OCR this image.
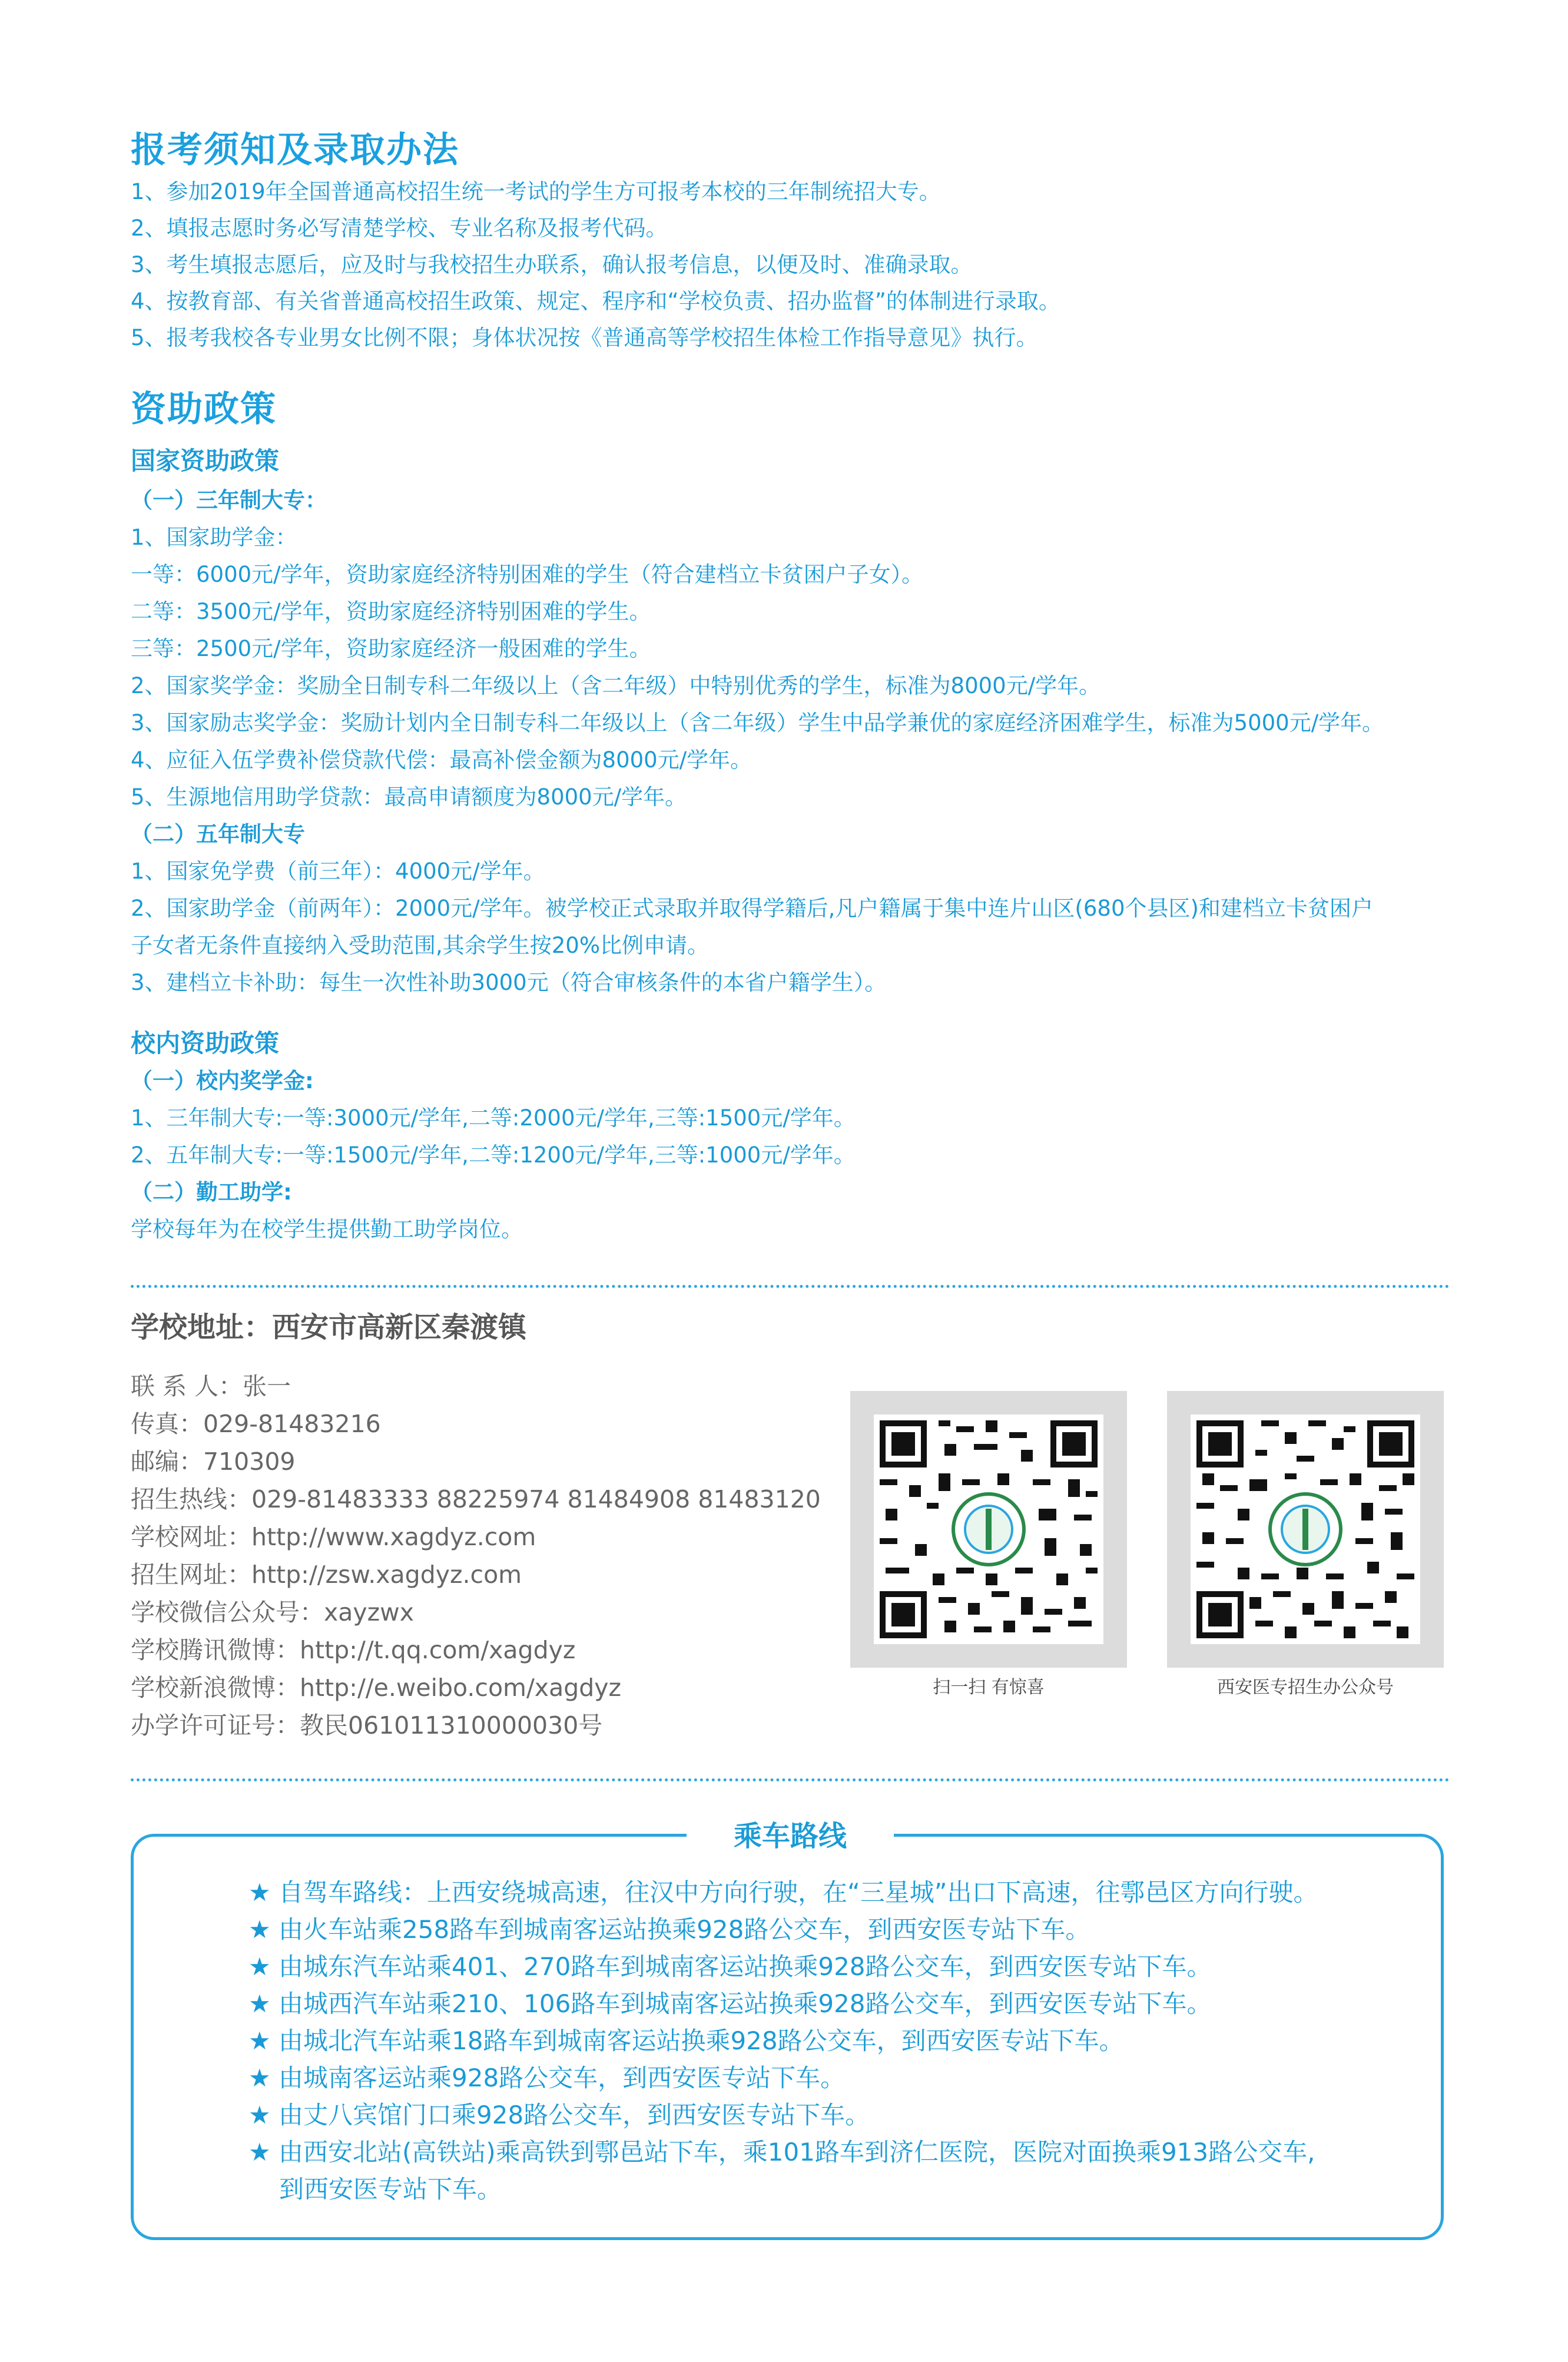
报考须知及录取办法
1、参加2019年全国普通高校招生统一考试的学生方可报考本校的三年制统招大专。
2、填报志愿时务必写清楚学校、专业名称及报考代码。
3、考生填报志愿后，应及时与我校招生办联系，确认报考信息，以便及时、准确录取。
4、按教育部、有关省普通高校招生政策、规定、程序和“学校负责、招办监督”的体制进行录取。
5、报考我校各专业男女比例不限；身体状况按《普通高等学校招生体检工作指导意见》执行。
资助政策
国家资助政策
（一）三年制大专：
1、国家助学金：
一等：6000元/学年，资助家庭经济特别困难的学生（符合建档立卡贫困户子女）。
二等：3500元/学年，资助家庭经济特别困难的学生。
三等：2500元/学年，资助家庭经济一般困难的学生。
2、国家奖学金：奖励全日制专科二年级以上（含二年级）中特别优秀的学生，标准为8000元/学年。
3、国家励志奖学金：奖励计划内全日制专科二年级以上（含二年级）学生中品学兼优的家庭经济困难学生，标准为5000元/学年。
4、应征入伍学费补偿贷款代偿：最高补偿金额为8000元/学年。
5、生源地信用助学贷款：最高申请额度为8000元/学年。
（二）五年制大专
1、国家免学费（前三年）：4000元/学年。
2、国家助学金（前两年）：2000元/学年。被学校正式录取并取得学籍后,凡户籍属于集中连片山区(680个县区)和建档立卡贫困户
子女者无条件直接纳入受助范围,其余学生按20%比例申请。
3、建档立卡补助：每生一次性补助3000元（符合审核条件的本省户籍学生）。
校内资助政策
（一）校内奖学金:
1、三年制大专:一等:3000元/学年,二等:2000元/学年,三等:1500元/学年。
2、五年制大专:一等:1500元/学年,二等:1200元/学年,三等:1000元/学年。
（二）勤工助学:
学校每年为在校学生提供勤工助学岗位。
学校地址：西安市高新区秦渡镇
联 系 人：张一
传真：029-81483216
邮编：710309
招生热线：029-81483333 88225974 81484908 81483120
学校网址：http://www.xagdyz.com
招生网址：http://zsw.xagdyz.com
学校微信公众号：xayzwx
学校腾讯微博：http://t.qq.com/xagdyz
学校新浪微博：http://e.weibo.com/xagdyz
办学许可证号：教民061011310000030号
扫一扫 有惊喜	西安医专招生办公众号
乘车路线
★ 自驾车路线：上西安绕城高速，往汉中方向行驶，在“三星城”出口下高速，往鄠邑区方向行驶。
★ 由火车站乘258路车到城南客运站换乘928路公交车，到西安医专站下车。
★ 由城东汽车站乘401、270路车到城南客运站换乘928路公交车，到西安医专站下车。
★ 由城西汽车站乘210、106路车到城南客运站换乘928路公交车，到西安医专站下车。
★ 由城北汽车站乘18路车到城南客运站换乘928路公交车，到西安医专站下车。
★ 由城南客运站乘928路公交车，到西安医专站下车。
★ 由丈八宾馆门口乘928路公交车，到西安医专站下车。
★ 由西安北站(高铁站)乘高铁到鄠邑站下车，乘101路车到济仁医院，医院对面换乘913路公交车,
到西安医专站下车。
